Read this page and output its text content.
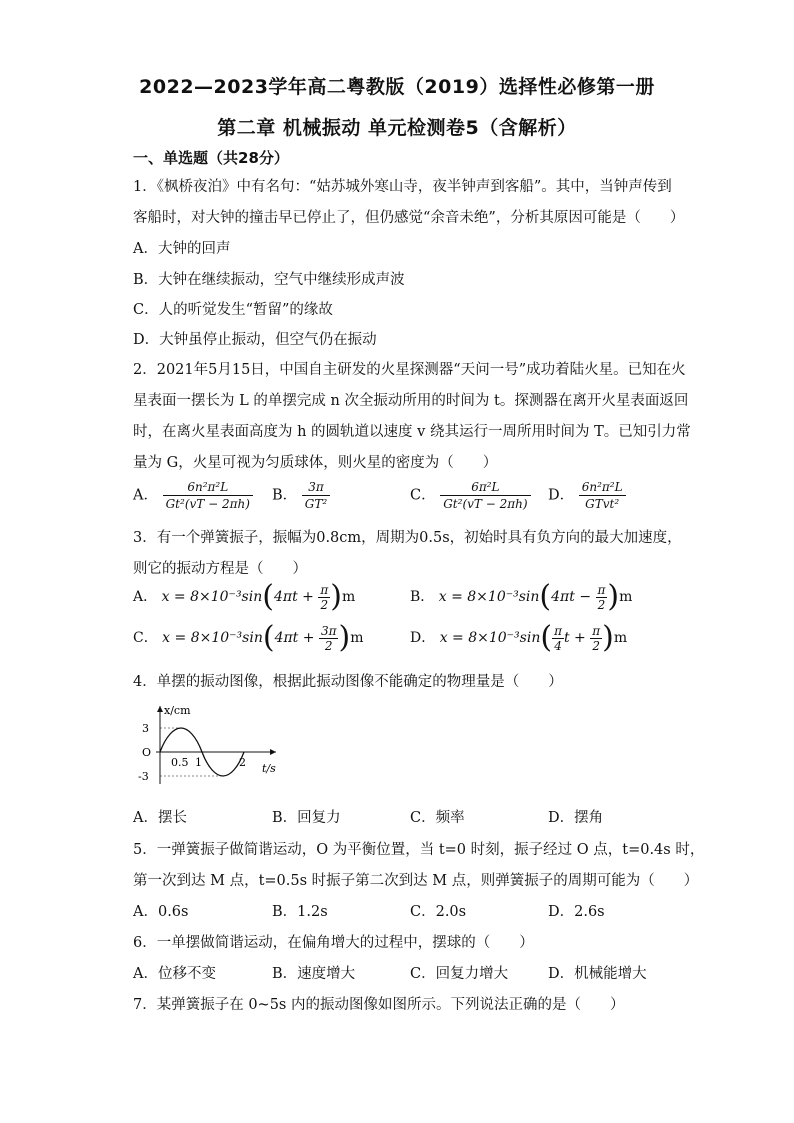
2022—2023学年高二粤教版（2019）选择性必修第一册
第二章 机械振动 单元检测卷5（含解析）
一、单选题（共28分）
1．《枫桥夜泊》中有名句：“姑苏城外寒山寺，夜半钟声到客船”。其中，当钟声传到
客船时，对大钟的撞击早已停止了，但仍感觉“余音未绝”，分析其原因可能是（　　）
A．大钟的回声
B．大钟在继续振动，空气中继续形成声波
C．人的听觉发生“暂留”的缘故
D．大钟虽停止振动，但空气仍在振动
2．2021年5月15日，中国自主研发的火星探测器“天问一号”成功着陆火星。已知在火
星表面一摆长为 L 的单摆完成 n 次全振动所用的时间为 t。探测器在离开火星表面返回
时，在离火星表面高度为 h 的圆轨道以速度 v 绕其运行一周所用时间为 T。已知引力常
量为 G，火星可视为匀质球体，则火星的密度为（　　）
A． $\frac{\text{6n²π²L}}{\text{Gt²(vT − 2πh)}}$ B． $\frac{3\pi}{\text{GT²}}$	C． $\frac{\text{6π²L}}{\text{Gt²(vT − 2πh)}}$ D． $\frac{\text{6n²π²L}}{\text{GTvt²}}$
3．有一个弹簧振子，振幅为0.8cm，周期为0.5s，初始时具有负方向的最大加速度，
则它的振动方程是（　　）
A． $x = 8\times 10^{-3}\sin(4\pi t + \frac{\pi}{2} )m$	B． $x = 8\times 10^{-3}\sin(4\pi t - \frac{\pi}{2} )m$
C． $x = 8\times 10^{-3}\sin(4\pi t + \frac{3\pi}{2} )m$	D． $x = 8\times 10^{-3}\sin( \frac{\pi}{4}$ $t + \frac{\pi}{2} )m$
4．单摆的振动图像，根据此振动图像不能确定的物理量是（　　）
x/cm
3
O
-3
0.5 1	2 t/s
A．摆长	B．回复力	C．频率	D．摆角
5．一弹簧振子做简谐运动，O 为平衡位置，当 t=0 时刻，振子经过 O 点，t=0.4s 时，
第一次到达 M 点，t=0.5s 时振子第二次到达 M 点，则弹簧振子的周期可能为（　　）
A．0.6s	B．1.2s	C．2.0s	D．2.6s
6．一单摆做简谐运动，在偏角增大的过程中，摆球的（　　）
A．位移不变	B．速度增大	C．回复力增大	D．机械能增大
7．某弹簧振子在 0~5s 内的振动图像如图所示。下列说法正确的是（　　）
